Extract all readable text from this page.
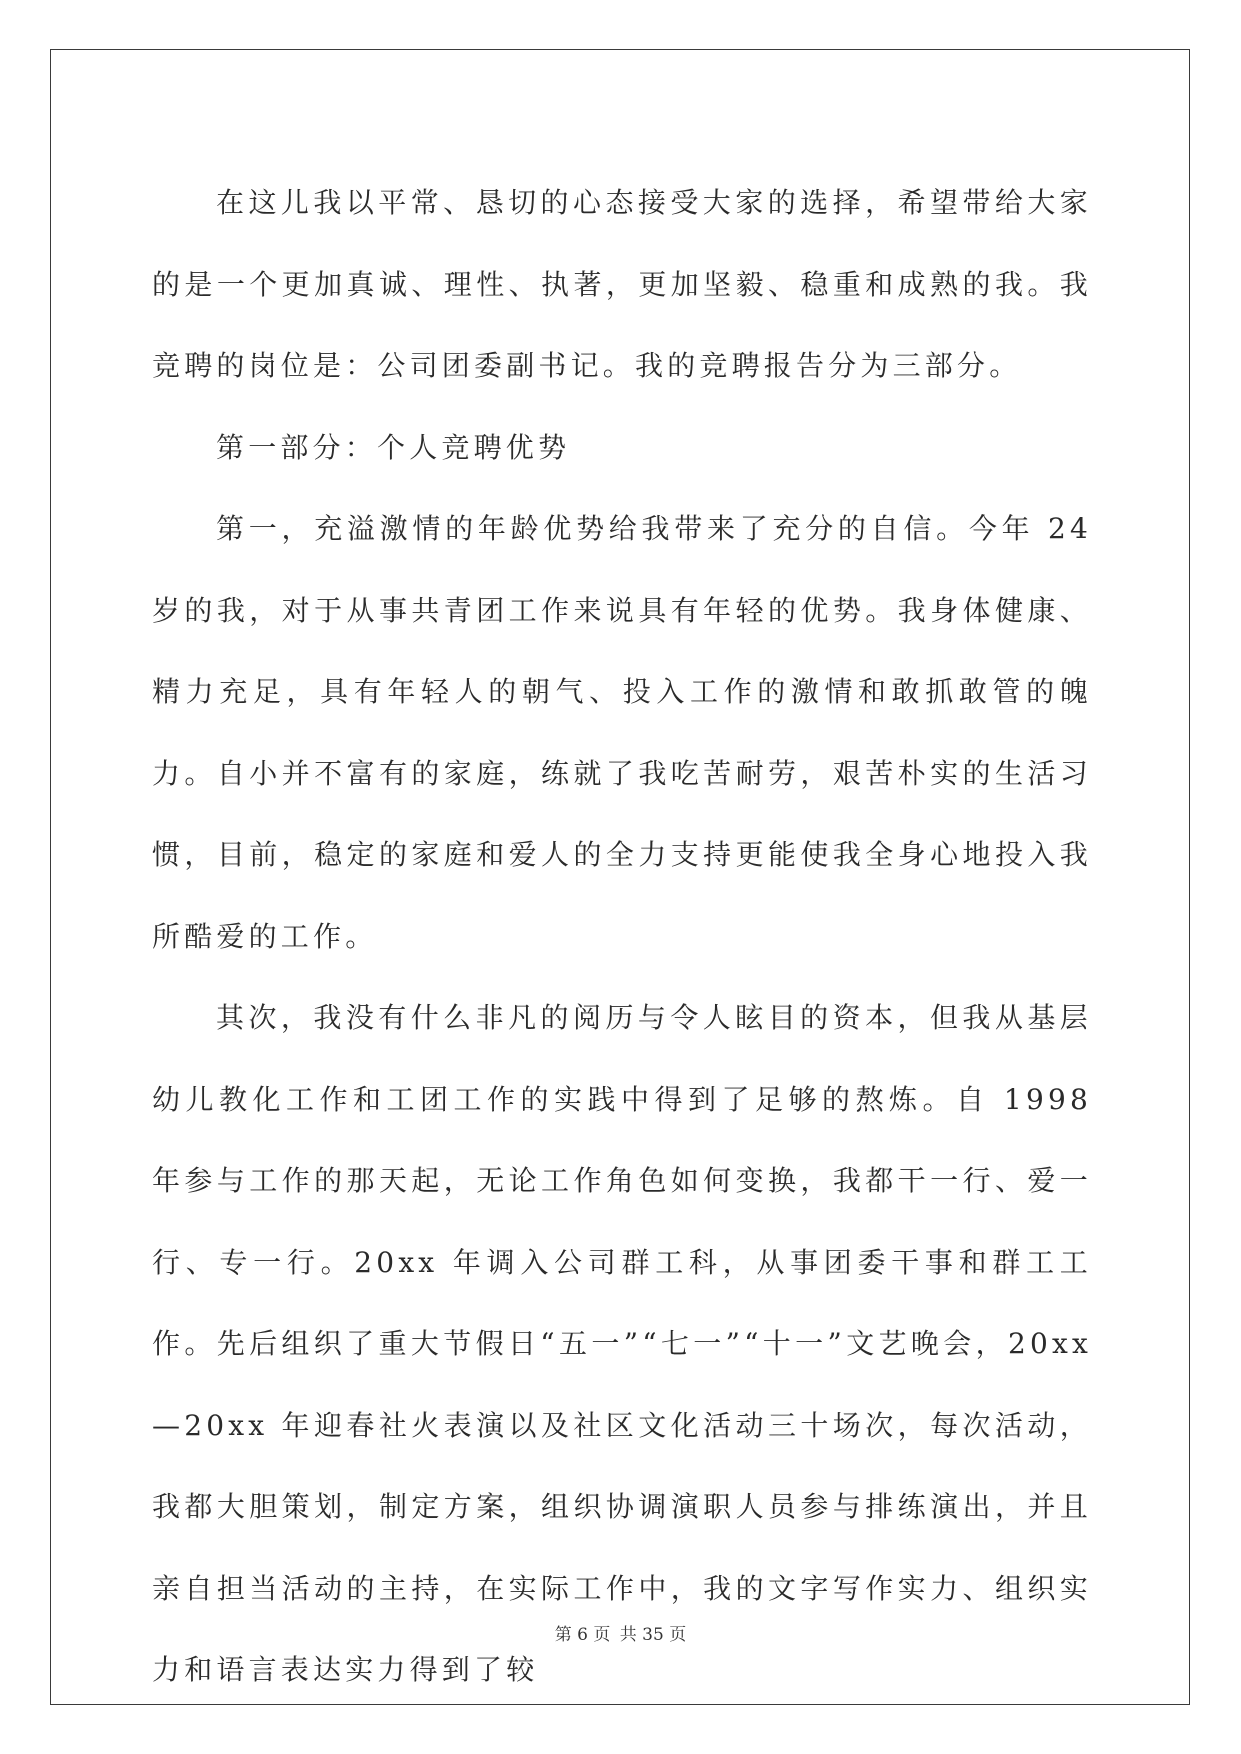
在这儿我以平常、恳切的心态接受大家的选择，希望带给大家的是一个更加真诚、理性、执著，更加坚毅、稳重和成熟的我。我竞聘的岗位是：公司团委副书记。我的竞聘报告分为三部分。

第一部分：个人竞聘优势

第一，充溢激情的年龄优势给我带来了充分的自信。今年 24 岁的我，对于从事共青团工作来说具有年轻的优势。我身体健康、精力充足，具有年轻人的朝气、投入工作的激情和敢抓敢管的魄力。自小并不富有的家庭，练就了我吃苦耐劳，艰苦朴实的生活习惯，目前，稳定的家庭和爱人的全力支持更能使我全身心地投入我所酷爱的工作。

其次，我没有什么非凡的阅历与令人眩目的资本，但我从基层幼儿教化工作和工团工作的实践中得到了足够的熬炼。自 1998 年参与工作的那天起，无论工作角色如何变换，我都干一行、爱一行、专一行。20xx 年调入公司群工科，从事团委干事和群工工作。先后组织了重大节假日“五一”“七一”“十一”文艺晚会，20xx—20xx 年迎春社火表演以及社区文化活动三十场次，每次活动，我都大胆策划，制定方案，组织协调演职人员参与排练演出，并且亲自担当活动的主持，在实际工作中，我的文字写作实力、组织实力和语言表达实力得到了较

第 6 页 共 35 页
